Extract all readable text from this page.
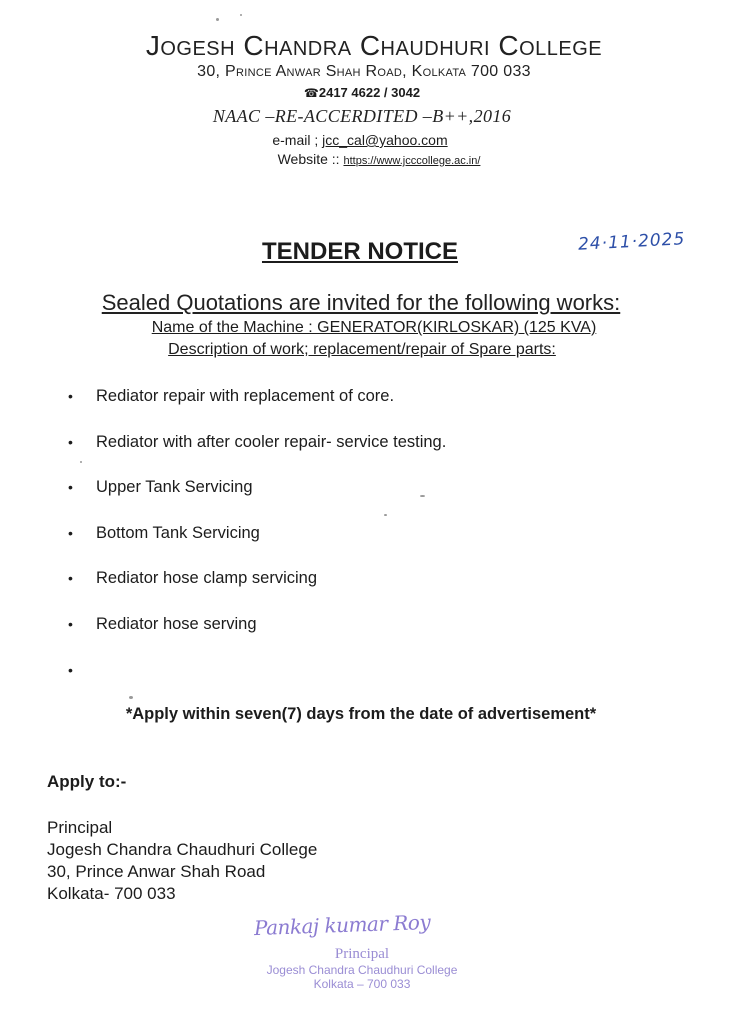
Jogesh Chandra Chaudhuri College
30, Prince Anwar Shah Road, Kolkata 700 033
☎2417 4622 / 3042
NAAC –RE-ACCERDITED –B++,2016
e-mail ; jcc_cal@yahoo.com
Website :: https://www.jcccollege.ac.in/
24·11·2025
TENDER NOTICE
Sealed Quotations are invited for the following works:
Name of the Machine : GENERATOR(KIRLOSKAR) (125 KVA)
Description of work; replacement/repair of Spare parts:
•	Rediator repair with replacement of core.
•	Rediator with after cooler repair- service testing.
•	Upper Tank Servicing
•	Bottom Tank Servicing
•	Rediator hose clamp servicing
•	Rediator hose serving
•
*Apply within seven(7) days from the date of advertisement*
Apply to:-
Principal
Jogesh Chandra Chaudhuri College
30, Prince Anwar Shah Road
Kolkata- 700 033
Pankaj kumar Roy
Principal
Jogesh Chandra Chaudhuri College
Kolkata – 700 033
